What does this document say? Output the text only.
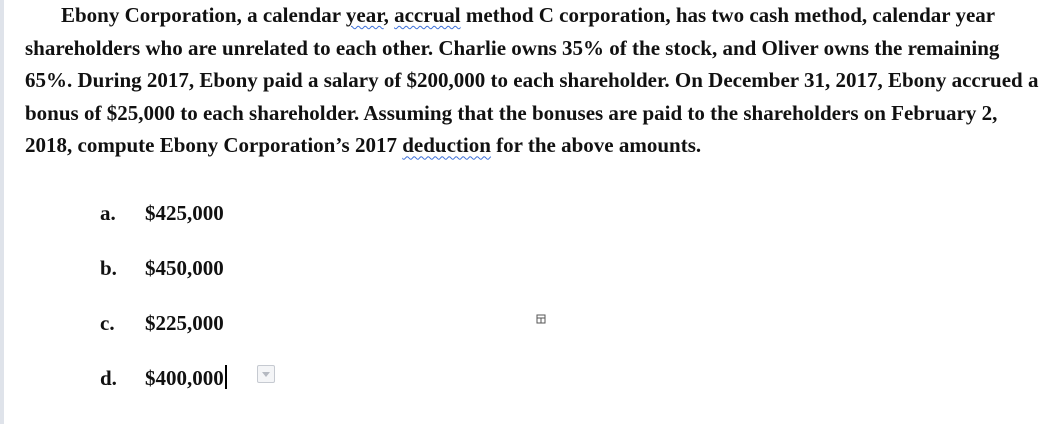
Ebony Corporation, a calendar year, accrual method C corporation, has two cash method, calendar year shareholders who are unrelated to each other. Charlie owns 35% of the stock, and Oliver owns the remaining 65%. During 2017, Ebony paid a salary of $200,000 to each shareholder. On December 31, 2017, Ebony accrued a bonus of $25,000 to each shareholder. Assuming that the bonuses are paid to the shareholders on February 2, 2018, compute Ebony Corporation’s 2017 deduction for the above amounts.

a. $425,000
b. $450,000
c. $225,000
d. $400,000
